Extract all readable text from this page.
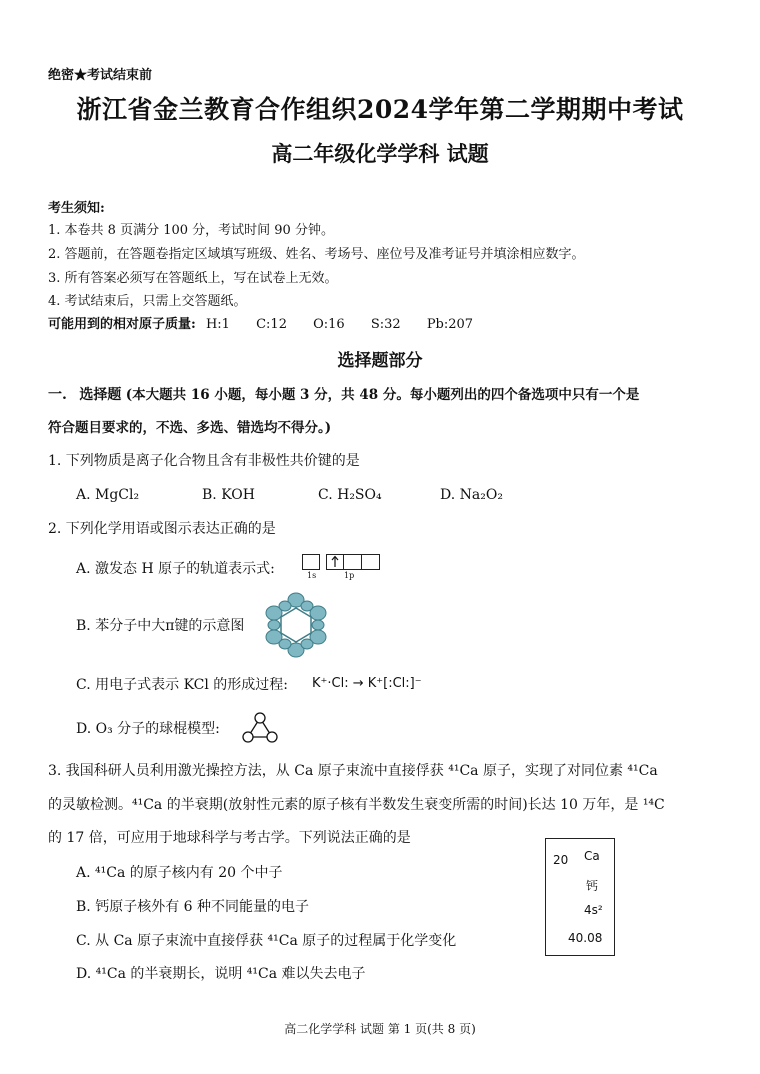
绝密★考试结束前
浙江省金兰教育合作组织2024学年第二学期期中考试
高二年级化学学科 试题
考生须知:
1. 本卷共 8 页满分 100 分，考试时间 90 分钟。
2. 答题前，在答题卷指定区域填写班级、姓名、考场号、座位号及准考证号并填涂相应数字。
3. 所有答案必须写在答题纸上，写在试卷上无效。
4. 考试结束后，只需上交答题纸。
可能用到的相对原子质量: H:1 C:12 O:16 S:32 Pb:207
选择题部分
一. 选择题 (本大题共 16 小题，每小题 3 分，共 48 分。每小题列出的四个备选项中只有一个是
符合题目要求的，不选、多选、错选均不得分。)
1. 下列物质是离子化合物且含有非极性共价键的是
A. MgCl₂	B. KOH	C. H₂SO₄	D. Na₂O₂
2. 下列化学用语或图示表达正确的是
A. 激发态 H 原子的轨道表示式:	1s	1p
B. 苯分子中大π键的示意图
C. 用电子式表示 KCl 的形成过程: K⁺·Cl: → K⁺[:Cl:]⁻
D. O₃ 分子的球棍模型:
3. 我国科研人员利用激光操控方法，从 Ca 原子束流中直接俘获 ⁴¹Ca 原子，实现了对同位素 ⁴¹Ca
的灵敏检测。⁴¹Ca 的半衰期(放射性元素的原子核有半数发生衰变所需的时间)长达 10 万年，是 ¹⁴C
的 17 倍，可应用于地球科学与考古学。下列说法正确的是
A. ⁴¹Ca 的原子核内有 20 个中子
B. 钙原子核外有 6 种不同能量的电子
C. 从 Ca 原子束流中直接俘获 ⁴¹Ca 原子的过程属于化学变化
D. ⁴¹Ca 的半衰期长，说明 ⁴¹Ca 难以失去电子
20 Ca
钙
4s²
40.08
高二化学学科 试题 第 1 页(共 8 页)
